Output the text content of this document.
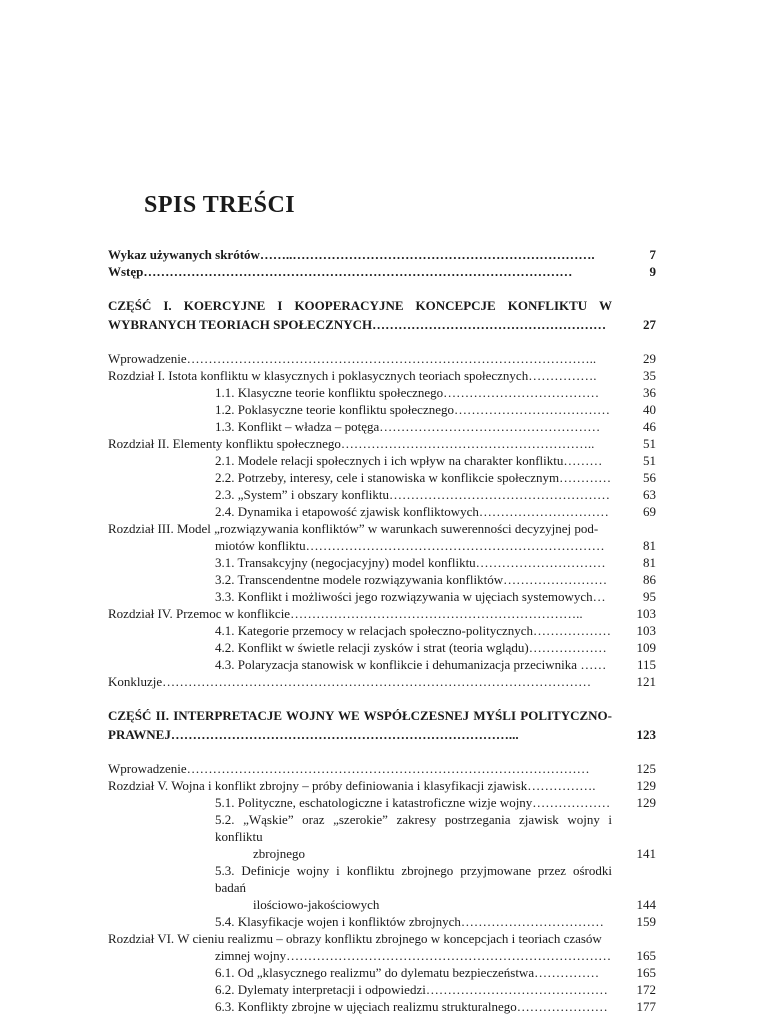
SPIS TREŚCI
Wykaz używanych skrótów……..…………………………………………………………….	7
Wstęp………………………………………………………………………………………	9
CZĘŚĆ I. KOERCYJNE I KOOPERACYJNE KONCEPCJE KONFLIKTU W WYBRANYCH TEORIACH SPOŁECZNYCH………………………………………………	27
Wprowadzenie…………………………………………………………………………………..	29
Rozdział I. Istota konfliktu w klasycznych i poklasycznych teoriach społecznych…………….	35
1.1. Klasyczne teorie konfliktu społecznego………………………………	36
1.2. Poklasyczne teorie konfliktu społecznego………………………………	40
1.3. Konflikt – władza – potęga……………………………………………	46
Rozdział II. Elementy konfliktu społecznego…………………………………………………..	51
2.1. Modele relacji społecznych i ich wpływ na charakter konfliktu………	51
2.2. Potrzeby, interesy, cele i stanowiska w konflikcie społecznym…………	56
2.3. „System” i obszary konfliktu……………………………………………	63
2.4. Dynamika i etapowość zjawisk konfliktowych…………………………	69
Rozdział III. Model „rozwiązywania konfliktów” w warunkach suwerenności decyzyjnej pod-
miotów konfliktu……………………………………………………………	81
3.1. Transakcyjny (negocjacyjny) model konfliktu…………………………	81
3.2. Transcendentne modele rozwiązywania konfliktów……………………	86
3.3. Konflikt i możliwości jego rozwiązywania w ujęciach systemowych…	95
Rozdział IV. Przemoc w konflikcie…………………………………………………………..	103
4.1. Kategorie przemocy w relacjach społeczno-politycznych………………	103
4.2. Konflikt w świetle relacji zysków i strat (teoria wglądu)………………	109
4.3. Polaryzacja stanowisk w konflikcie i dehumanizacja przeciwnika ……	115
Konkluzje………………………………………………………………………………………	121
CZĘŚĆ II. INTERPRETACJE WOJNY WE WSPÓŁCZESNEJ MYŚLI POLITYCZNO-PRAWNEJ……………………………………………………………………...	123
Wprowadzenie…………………………………………………………………………………	125
Rozdział V. Wojna i konflikt zbrojny – próby definiowania i klasyfikacji zjawisk…………….	129
5.1. Polityczne, eschatologiczne i katastroficzne wizje wojny………………	129
5.2. „Wąskie” oraz „szerokie” zakresy postrzegania zjawisk wojny i konfliktu
zbrojnego	141
5.3. Definicje wojny i konfliktu zbrojnego przyjmowane przez ośrodki badań
ilościowo-jakościowych	144
5.4. Klasyfikacje wojen i konfliktów zbrojnych……………………………	159
Rozdział VI. W cieniu realizmu – obrazy konfliktu zbrojnego w koncepcjach i teoriach czasów
zimnej wojny…………………………………………………………………	165
6.1. Od „klasycznego realizmu” do dylematu bezpieczeństwa……………	165
6.2. Dylematy interpretacji i odpowiedzi……………………………………	172
6.3. Konflikty zbrojne w ujęciach realizmu strukturalnego…………………	177
